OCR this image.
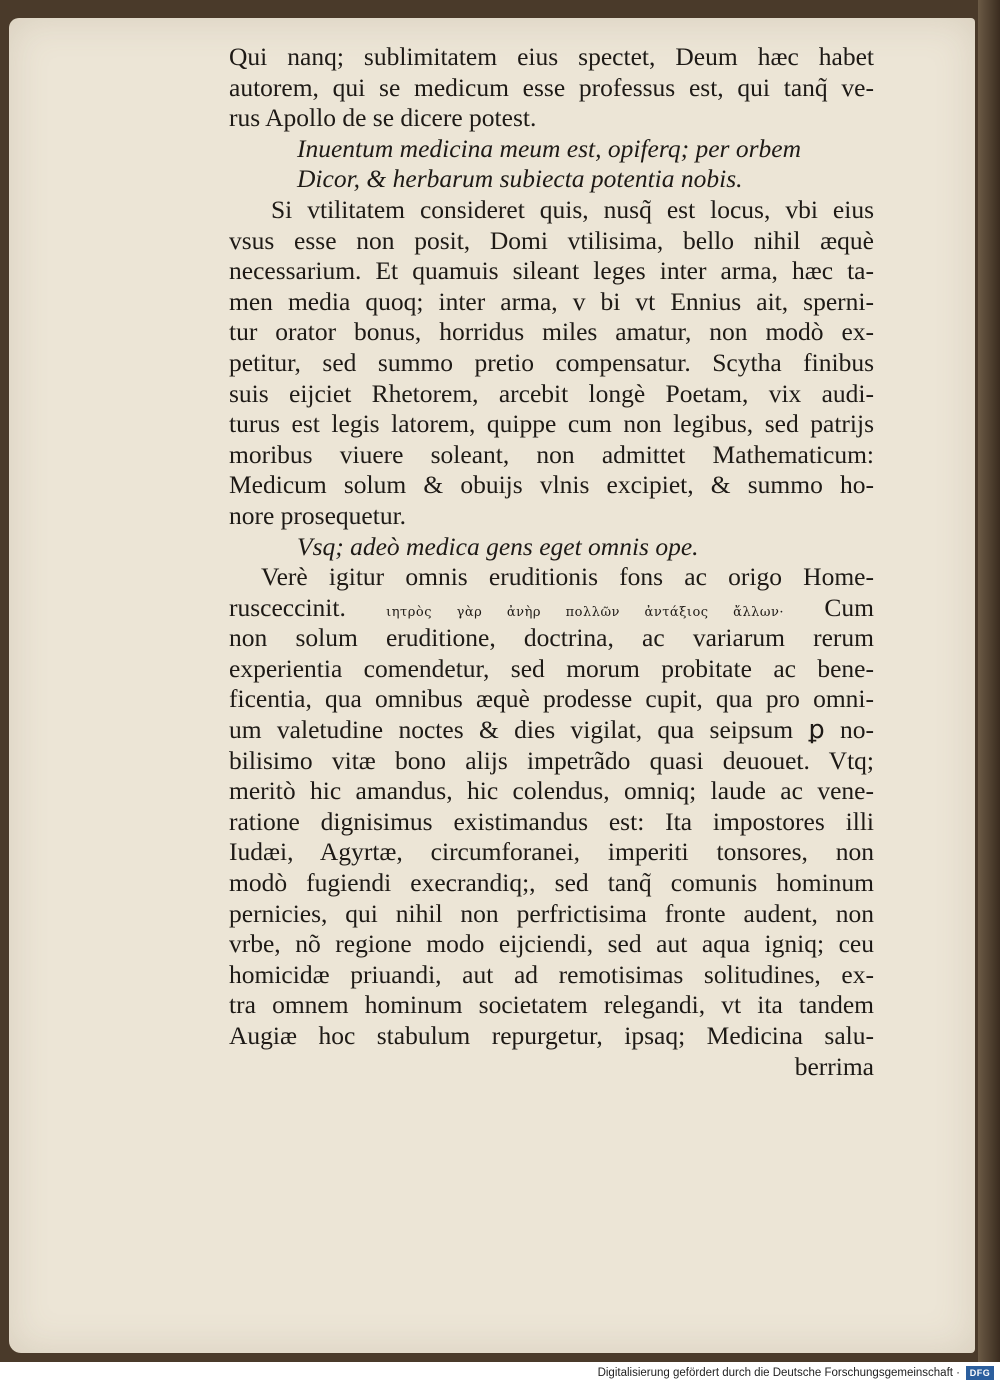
Qui nanq; sublimitatem eius spectet, Deum hæc habet
autorem, qui se medicum esse professus est, qui tanq̃ ve-
rus Apollo de se dicere potest.
Inuentum medicina meum est, opiferq; per orbem
Dicor, & herbarum subiecta potentia nobis.
Si vtilitatem consideret quis, nusq̃ est locus, vbi eius
vsus esse non posit, Domi vtilisima, bello nihil æquè
necessarium. Et quamuis sileant leges inter arma, hæc ta-
men media quoq; inter arma, v bi vt Ennius ait, sperni-
tur orator bonus, horridus miles amatur, non modò ex-
petitur, sed summo pretio compensatur. Scytha finibus
suis eijciet Rhetorem, arcebit longè Poetam, vix audi-
turus est legis latorem, quippe cum non legibus, sed patrijs
moribus viuere soleant, non admittet Mathematicum:
Medicum solum & obuijs vlnis excipiet, & summo ho-
nore prosequetur.
Vsq; adeò medica gens eget omnis ope.
Verè igitur omnis eruditionis fons ac origo Home-
rusceccinit.	ιητρὸς γὰρ ἀνὴρ πολλῶν ἀντάξιος ἄλλων· Cum
non solum eruditione, doctrina, ac variarum rerum
experientia comendetur, sed morum probitate ac bene-
ficentia, qua omnibus æquè prodesse cupit, qua pro omni-
um valetudine noctes & dies vigilat, qua seipsum ꝑ no-
bilisimo vitæ bono alijs impetrãdo quasi deuouet. Vtq;
meritò hic amandus, hic colendus, omniq; laude ac vene-
ratione dignisimus existimandus est: Ita impostores illi
Iudæi, Agyrtæ, circumforanei, imperiti tonsores, non
modò fugiendi execrandiq;, sed tanq̃ comunis hominum
pernicies, qui nihil non perfrictisima fronte audent, non
vrbe, nõ regione modo eijciendi, sed aut aqua igniq; ceu
homicidæ priuandi, aut ad remotisimas solitudines, ex-
tra omnem hominum societatem relegandi, vt ita tandem
Augiæ hoc stabulum repurgetur, ipsaq; Medicina salu-
berrima
Digitalisierung gefördert durch die Deutsche Forschungsgemeinschaft ·	DFG
